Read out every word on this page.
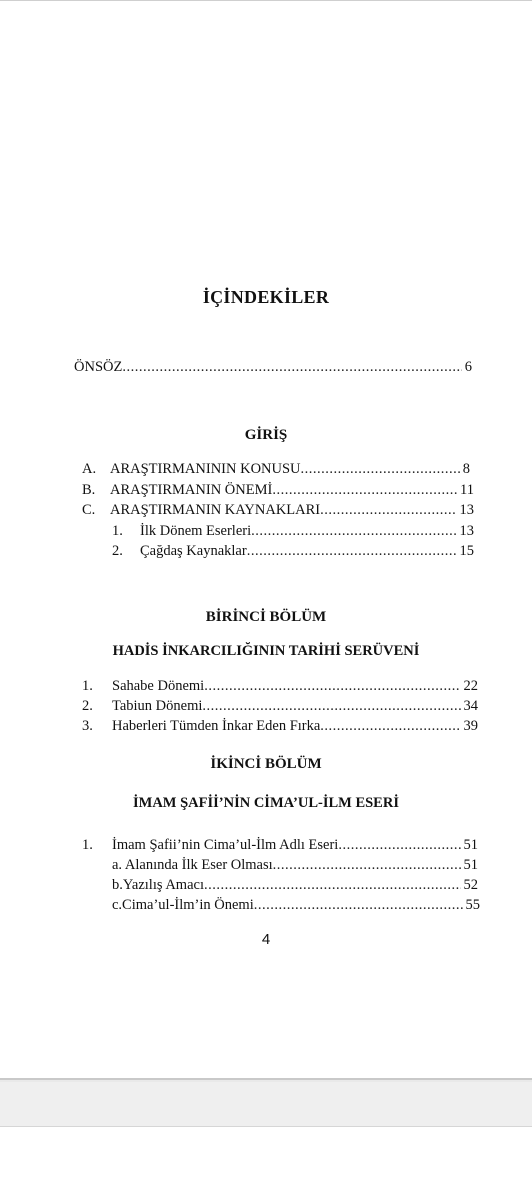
İÇİNDEKİLER
ÖNSÖZ .....	6
GİRİŞ
A. ARAŞTIRMANININ KONUSU .....	8
B.	ARAŞTIRMANIN ÖNEMİ .....	11
C.	ARAŞTIRMANIN KAYNAKLARI .....	13
1.	İlk Dönem Eserleri .....	13
2.	Çağdaş Kaynaklar .....	15
BİRİNCİ BÖLÜM
HADİS İNKARCILIĞININ TARİHİ SERÜVENİ
1.	Sahabe Dönemi .....	22
2.	Tabiun Dönemi .....	34
3.	Haberleri Tümden İnkar Eden Fırka .....	39
İKİNCİ BÖLÜM
İMAM ŞAFİİ’NİN CİMA’UL-İLM ESERİ
1.	İmam Şafii’nin Cima’ul-İlm Adlı Eseri .....	51
a. Alanında İlk Eser Olması .....	51
b.Yazılış Amacı .....	52
c.Cima’ul-İlm’in Önemi .....	55
4
